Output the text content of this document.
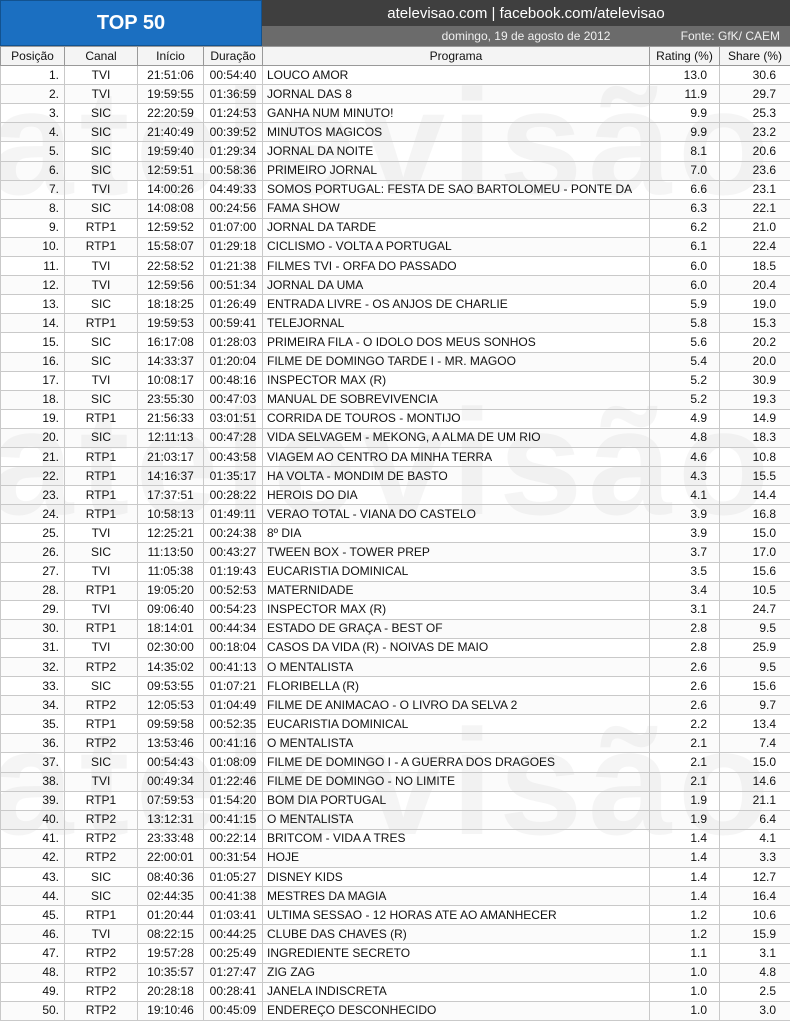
TOP 50	atelevisao.com | facebook.com/atelevisao
domingo, 19 de agosto de 2012	Fonte: GfK/ CAEM
Posição	Canal	Início	Duração	Programa	Rating (%)	Share (%)
1.	TVI	21:51:06	00:54:40	LOUCO AMOR	13.0	30.6
2.	TVI	19:59:55	01:36:59	JORNAL DAS 8	11.9	29.7
3.	SIC	22:20:59	01:24:53	GANHA NUM MINUTO!	9.9	25.3
4.	SIC	21:40:49	00:39:52	MINUTOS MAGICOS	9.9	23.2
5.	SIC	19:59:40	01:29:34	JORNAL DA NOITE	8.1	20.6
6.	SIC	12:59:51	00:58:36	PRIMEIRO JORNAL	7.0	23.6
7.	TVI	14:00:26	04:49:33	SOMOS PORTUGAL: FESTA DE SAO BARTOLOMEU - PONTE DA	6.6	23.1
8.	SIC	14:08:08	00:24:56	FAMA SHOW	6.3	22.1
9.	RTP1	12:59:52	01:07:00	JORNAL DA TARDE	6.2	21.0
10.	RTP1	15:58:07	01:29:18	CICLISMO - VOLTA A PORTUGAL	6.1	22.4
11.	TVI	22:58:52	01:21:38	FILMES TVI - ORFA DO PASSADO	6.0	18.5
12.	TVI	12:59:56	00:51:34	JORNAL DA UMA	6.0	20.4
13.	SIC	18:18:25	01:26:49	ENTRADA LIVRE - OS ANJOS DE CHARLIE	5.9	19.0
14.	RTP1	19:59:53	00:59:41	TELEJORNAL	5.8	15.3
15.	SIC	16:17:08	01:28:03	PRIMEIRA FILA - O IDOLO DOS MEUS SONHOS	5.6	20.2
16.	SIC	14:33:37	01:20:04	FILME DE DOMINGO TARDE I - MR. MAGOO	5.4	20.0
17.	TVI	10:08:17	00:48:16	INSPECTOR MAX (R)	5.2	30.9
18.	SIC	23:55:30	00:47:03	MANUAL DE SOBREVIVENCIA	5.2	19.3
19.	RTP1	21:56:33	03:01:51	CORRIDA DE TOUROS - MONTIJO	4.9	14.9
20.	SIC	12:11:13	00:47:28	VIDA SELVAGEM - MEKONG, A ALMA DE UM RIO	4.8	18.3
21.	RTP1	21:03:17	00:43:58	VIAGEM AO CENTRO DA MINHA TERRA	4.6	10.8
22.	RTP1	14:16:37	01:35:17	HA VOLTA - MONDIM DE BASTO	4.3	15.5
23.	RTP1	17:37:51	00:28:22	HEROIS DO DIA	4.1	14.4
24.	RTP1	10:58:13	01:49:11	VERAO TOTAL - VIANA DO CASTELO	3.9	16.8
25.	TVI	12:25:21	00:24:38	8º DIA	3.9	15.0
26.	SIC	11:13:50	00:43:27	TWEEN BOX - TOWER PREP	3.7	17.0
27.	TVI	11:05:38	01:19:43	EUCARISTIA DOMINICAL	3.5	15.6
28.	RTP1	19:05:20	00:52:53	MATERNIDADE	3.4	10.5
29.	TVI	09:06:40	00:54:23	INSPECTOR MAX (R)	3.1	24.7
30.	RTP1	18:14:01	00:44:34	ESTADO DE GRAÇA - BEST OF	2.8	9.5
31.	TVI	02:30:00	00:18:04	CASOS DA VIDA (R) - NOIVAS DE MAIO	2.8	25.9
32.	RTP2	14:35:02	00:41:13	O MENTALISTA	2.6	9.5
33.	SIC	09:53:55	01:07:21	FLORIBELLA (R)	2.6	15.6
34.	RTP2	12:05:53	01:04:49	FILME DE ANIMACAO - O LIVRO DA SELVA 2	2.6	9.7
35.	RTP1	09:59:58	00:52:35	EUCARISTIA DOMINICAL	2.2	13.4
36.	RTP2	13:53:46	00:41:16	O MENTALISTA	2.1	7.4
37.	SIC	00:54:43	01:08:09	FILME DE DOMINGO I - A GUERRA DOS DRAGOES	2.1	15.0
38.	TVI	00:49:34	01:22:46	FILME DE DOMINGO - NO LIMITE	2.1	14.6
39.	RTP1	07:59:53	01:54:20	BOM DIA PORTUGAL	1.9	21.1
40.	RTP2	13:12:31	00:41:15	O MENTALISTA	1.9	6.4
41.	RTP2	23:33:48	00:22:14	BRITCOM - VIDA A TRES	1.4	4.1
42.	RTP2	22:00:01	00:31:54	HOJE	1.4	3.3
43.	SIC	08:40:36	01:05:27	DISNEY KIDS	1.4	12.7
44.	SIC	02:44:35	00:41:38	MESTRES DA MAGIA	1.4	16.4
45.	RTP1	01:20:44	01:03:41	ULTIMA SESSAO - 12 HORAS ATE AO AMANHECER	1.2	10.6
46.	TVI	08:22:15	00:44:25	CLUBE DAS CHAVES (R)	1.2	15.9
47.	RTP2	19:57:28	00:25:49	INGREDIENTE SECRETO	1.1	3.1
48.	RTP2	10:35:57	01:27:47	ZIG ZAG	1.0	4.8
49.	RTP2	20:28:18	00:28:41	JANELA INDISCRETA	1.0	2.5
50.	RTP2	19:10:46	00:45:09	ENDEREÇO DESCONHECIDO	1.0	3.0
